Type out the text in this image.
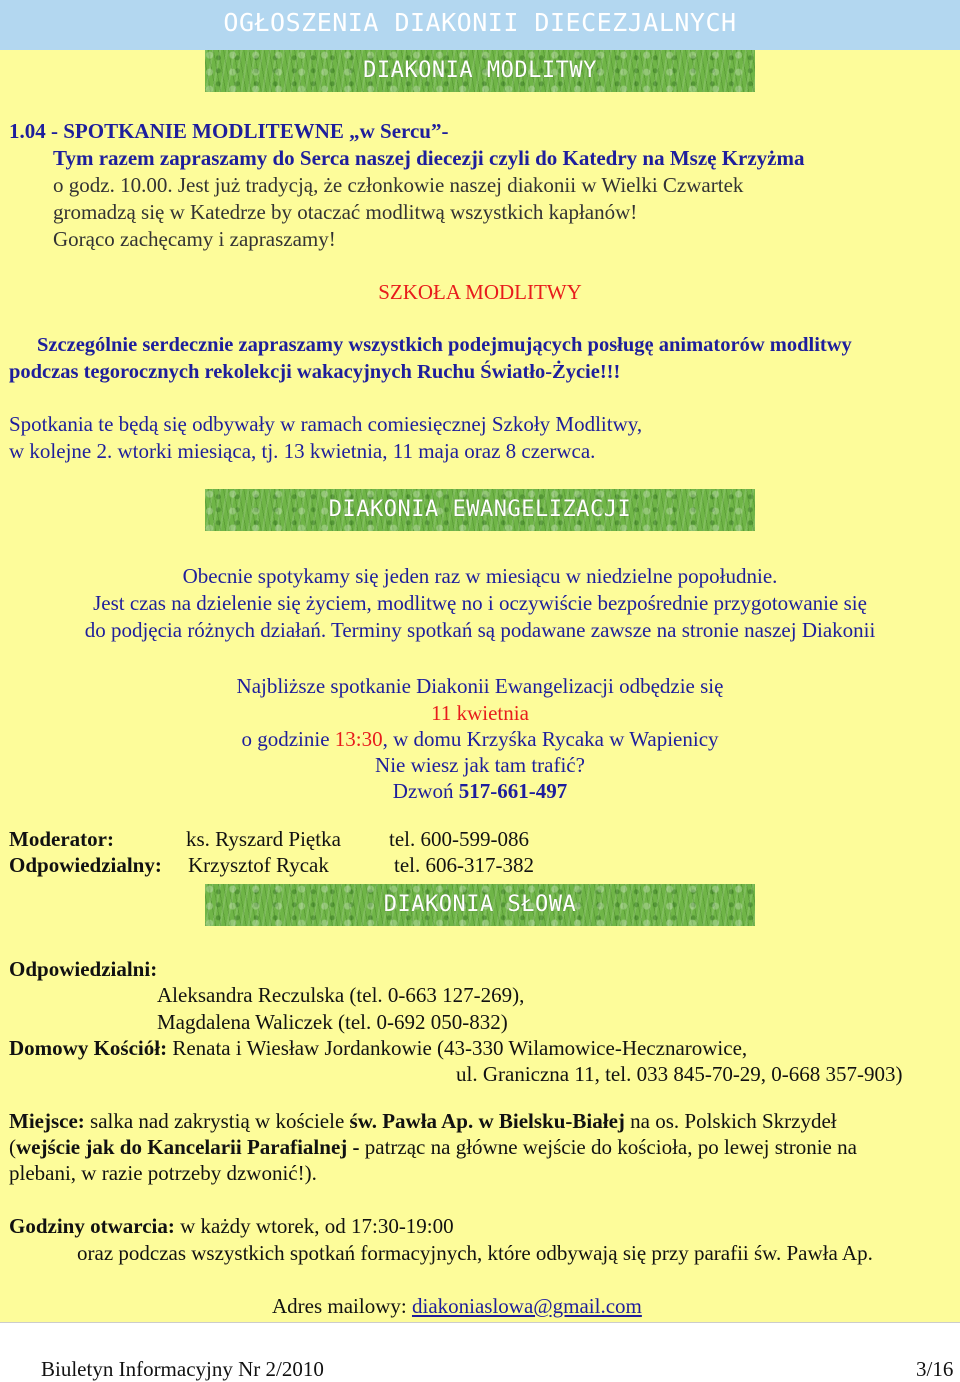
OGŁOSZENIA DIAKONII DIECEZJALNYCH
DIAKONIA MODLITWY
1.04 - SPOTKANIE MODLITEWNE „w Sercu”-
Tym razem zapraszamy do Serca naszej diecezji czyli do Katedry na Mszę Krzyżma
o godz. 10.00. Jest już tradycją, że członkowie naszej diakonii w Wielki Czwartek
gromadzą się w Katedrze by otaczać modlitwą wszystkich kapłanów!
Gorąco zachęcamy i zapraszamy!
SZKOŁA MODLITWY
Szczególnie serdecznie zapraszamy wszystkich podejmujących posługę animatorów modlitwy
podczas tegorocznych rekolekcji wakacyjnych Ruchu Światło-Życie!!!
Spotkania te będą się odbywały w ramach comiesięcznej Szkoły Modlitwy,
w kolejne 2. wtorki miesiąca, tj. 13 kwietnia, 11 maja oraz 8 czerwca.
DIAKONIA EWANGELIZACJI
Obecnie spotykamy się jeden raz w miesiącu w niedzielne popołudnie.
Jest czas na dzielenie się życiem, modlitwę no i oczywiście bezpośrednie przygotowanie się
do podjęcia różnych działań. Terminy spotkań są podawane zawsze na stronie naszej Diakonii
Najbliższe spotkanie Diakonii Ewangelizacji odbędzie się
11 kwietnia
o godzinie 13:30, w domu Krzyśka Rycaka w Wapienicy
Nie wiesz jak tam trafić?
Dzwoń 517-661-497
Moderator:	ks. Ryszard Piętka tel. 600-599-086
Odpowiedzialny: Krzysztof Rycak	tel. 606-317-382
DIAKONIA SŁOWA
Odpowiedzialni:
Aleksandra Reczulska (tel. 0-663 127-269),
Magdalena Waliczek (tel. 0-692 050-832)
Domowy Kościół: Renata i Wiesław Jordankowie (43-330 Wilamowice-Hecznarowice,
ul. Graniczna 11, tel. 033 845-70-29, 0-668 357-903)
Miejsce: salka nad zakrystią w kościele św. Pawła Ap. w Bielsku-Białej na os. Polskich Skrzydeł
(wejście jak do Kancelarii Parafialnej - patrząc na główne wejście do kościoła, po lewej stronie na
plebani, w razie potrzeby dzwonić!).
Godziny otwarcia: w każdy wtorek, od 17:30-19:00
oraz podczas wszystkich spotkań formacyjnych, które odbywają się przy parafii św. Pawła Ap.
Adres mailowy: diakoniaslowa@gmail.com
Biuletyn Informacyjny Nr 2/2010	3/16
